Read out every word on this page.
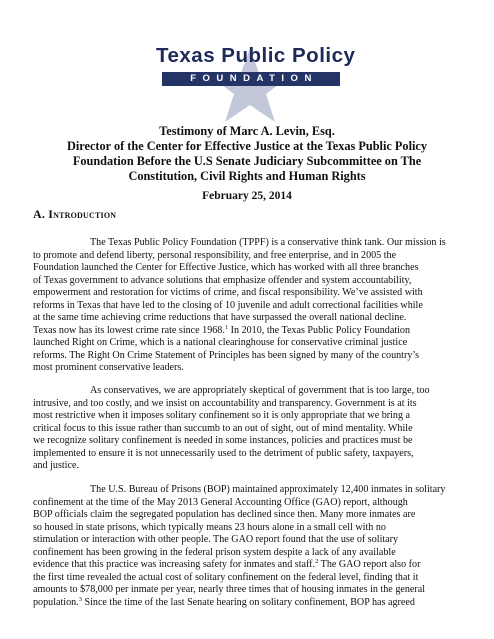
Texas Public Policy
FOUNDATION
Testimony of Marc A. Levin, Esq.
Director of the Center for Effective Justice at the Texas Public Policy
Foundation Before the U.S Senate Judiciary Subcommittee on The
Constitution, Civil Rights and Human Rights

February 25, 2014

A. Introduction

The Texas Public Policy Foundation (TPPF) is a conservative think tank. Our mission is
to promote and defend liberty, personal responsibility, and free enterprise, and in 2005 the
Foundation launched the Center for Effective Justice, which has worked with all three branches
of Texas government to advance solutions that emphasize offender and system accountability,
empowerment and restoration for victims of crime, and fiscal responsibility. We’ve assisted with
reforms in Texas that have led to the closing of 10 juvenile and adult correctional facilities while
at the same time achieving crime reductions that have surpassed the overall national decline.
Texas now has its lowest crime rate since 1968.$^1$ In 2010, the Texas Public Policy Foundation
launched Right on Crime, which is a national clearinghouse for conservative criminal justice
reforms. The Right On Crime Statement of Principles has been signed by many of the country’s
most prominent conservative leaders.

As conservatives, we are appropriately skeptical of government that is too large, too
intrusive, and too costly, and we insist on accountability and transparency. Government is at its
most restrictive when it imposes solitary confinement so it is only appropriate that we bring a
critical focus to this issue rather than succumb to an out of sight, out of mind mentality. While
we recognize solitary confinement is needed in some instances, policies and practices must be
implemented to ensure it is not unnecessarily used to the detriment of public safety, taxpayers,
and justice.

The U.S. Bureau of Prisons (BOP) maintained approximately 12,400 inmates in solitary
confinement at the time of the May 2013 General Accounting Office (GAO) report, although
BOP officials claim the segregated population has declined since then. Many more inmates are
so housed in state prisons, which typically means 23 hours alone in a small cell with no
stimulation or interaction with other people. The GAO report found that the use of solitary
confinement has been growing in the federal prison system despite a lack of any available
evidence that this practice was increasing safety for inmates and staff.$^2$ The GAO report also for
the first time revealed the actual cost of solitary confinement on the federal level, finding that it
amounts to $78,000 per inmate per year, nearly three times that of housing inmates in the general
population.$^3$ Since the time of the last Senate hearing on solitary confinement, BOP has agreed
